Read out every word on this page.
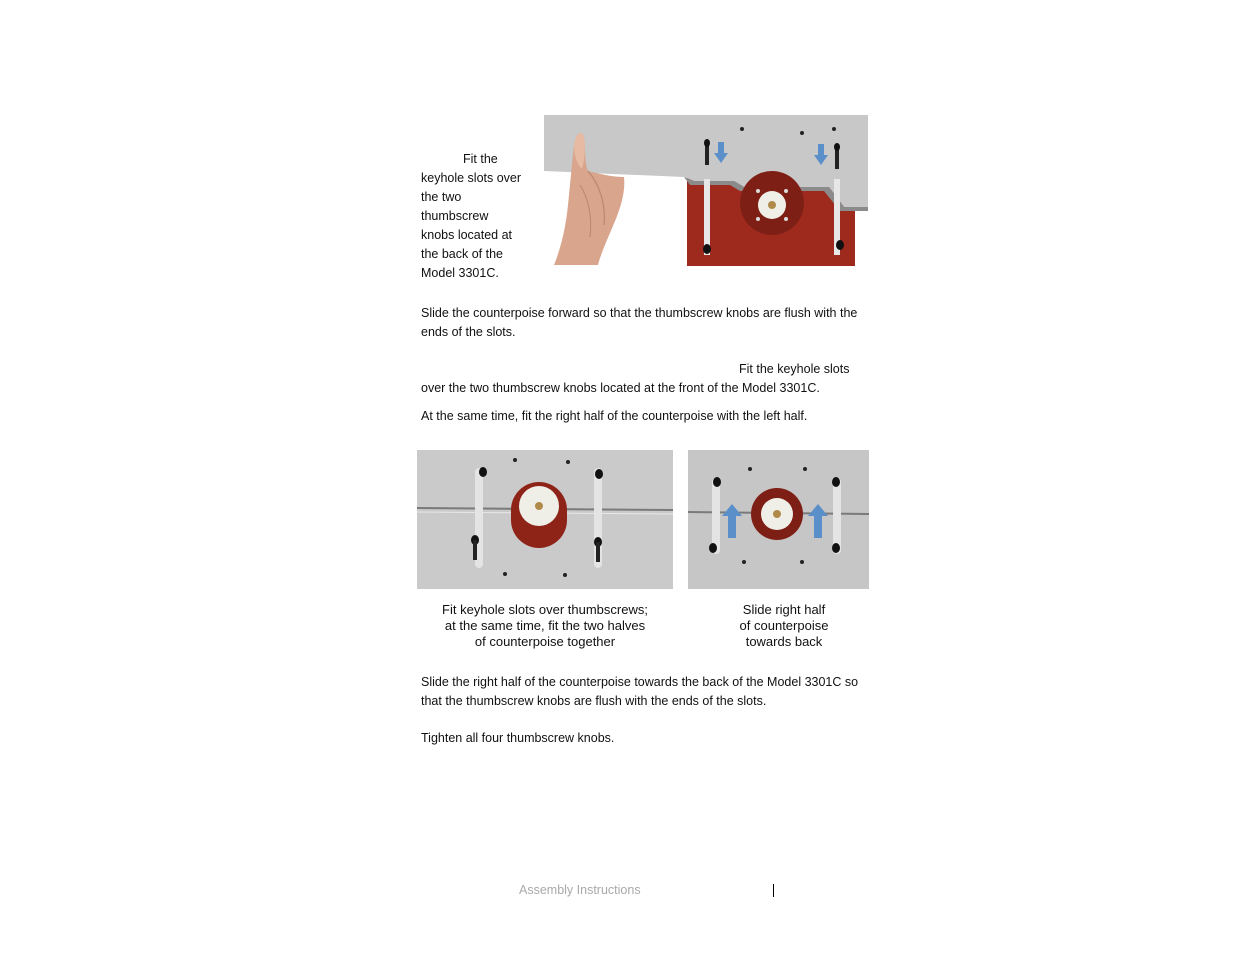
Fit the keyhole slots over the two thumbscrew knobs located at the back of the Model 3301C.
Slide the counterpoise forward so that the thumbscrew knobs are flush with the ends of the slots.
Fit the keyhole slots over the two thumbscrew knobs located at the front of the Model 3301C.
At the same time, fit the right half of the counterpoise with the left half.
Fit keyhole slots over thumbscrews;
at the same time, fit the two halves
of counterpoise together
Slide right half
of counterpoise
towards back
Slide the right half of the counterpoise towards the back of the Model 3301C so that the thumbscrew knobs are flush with the ends of the slots.
Tighten all four thumbscrew knobs.
Assembly Instructions
